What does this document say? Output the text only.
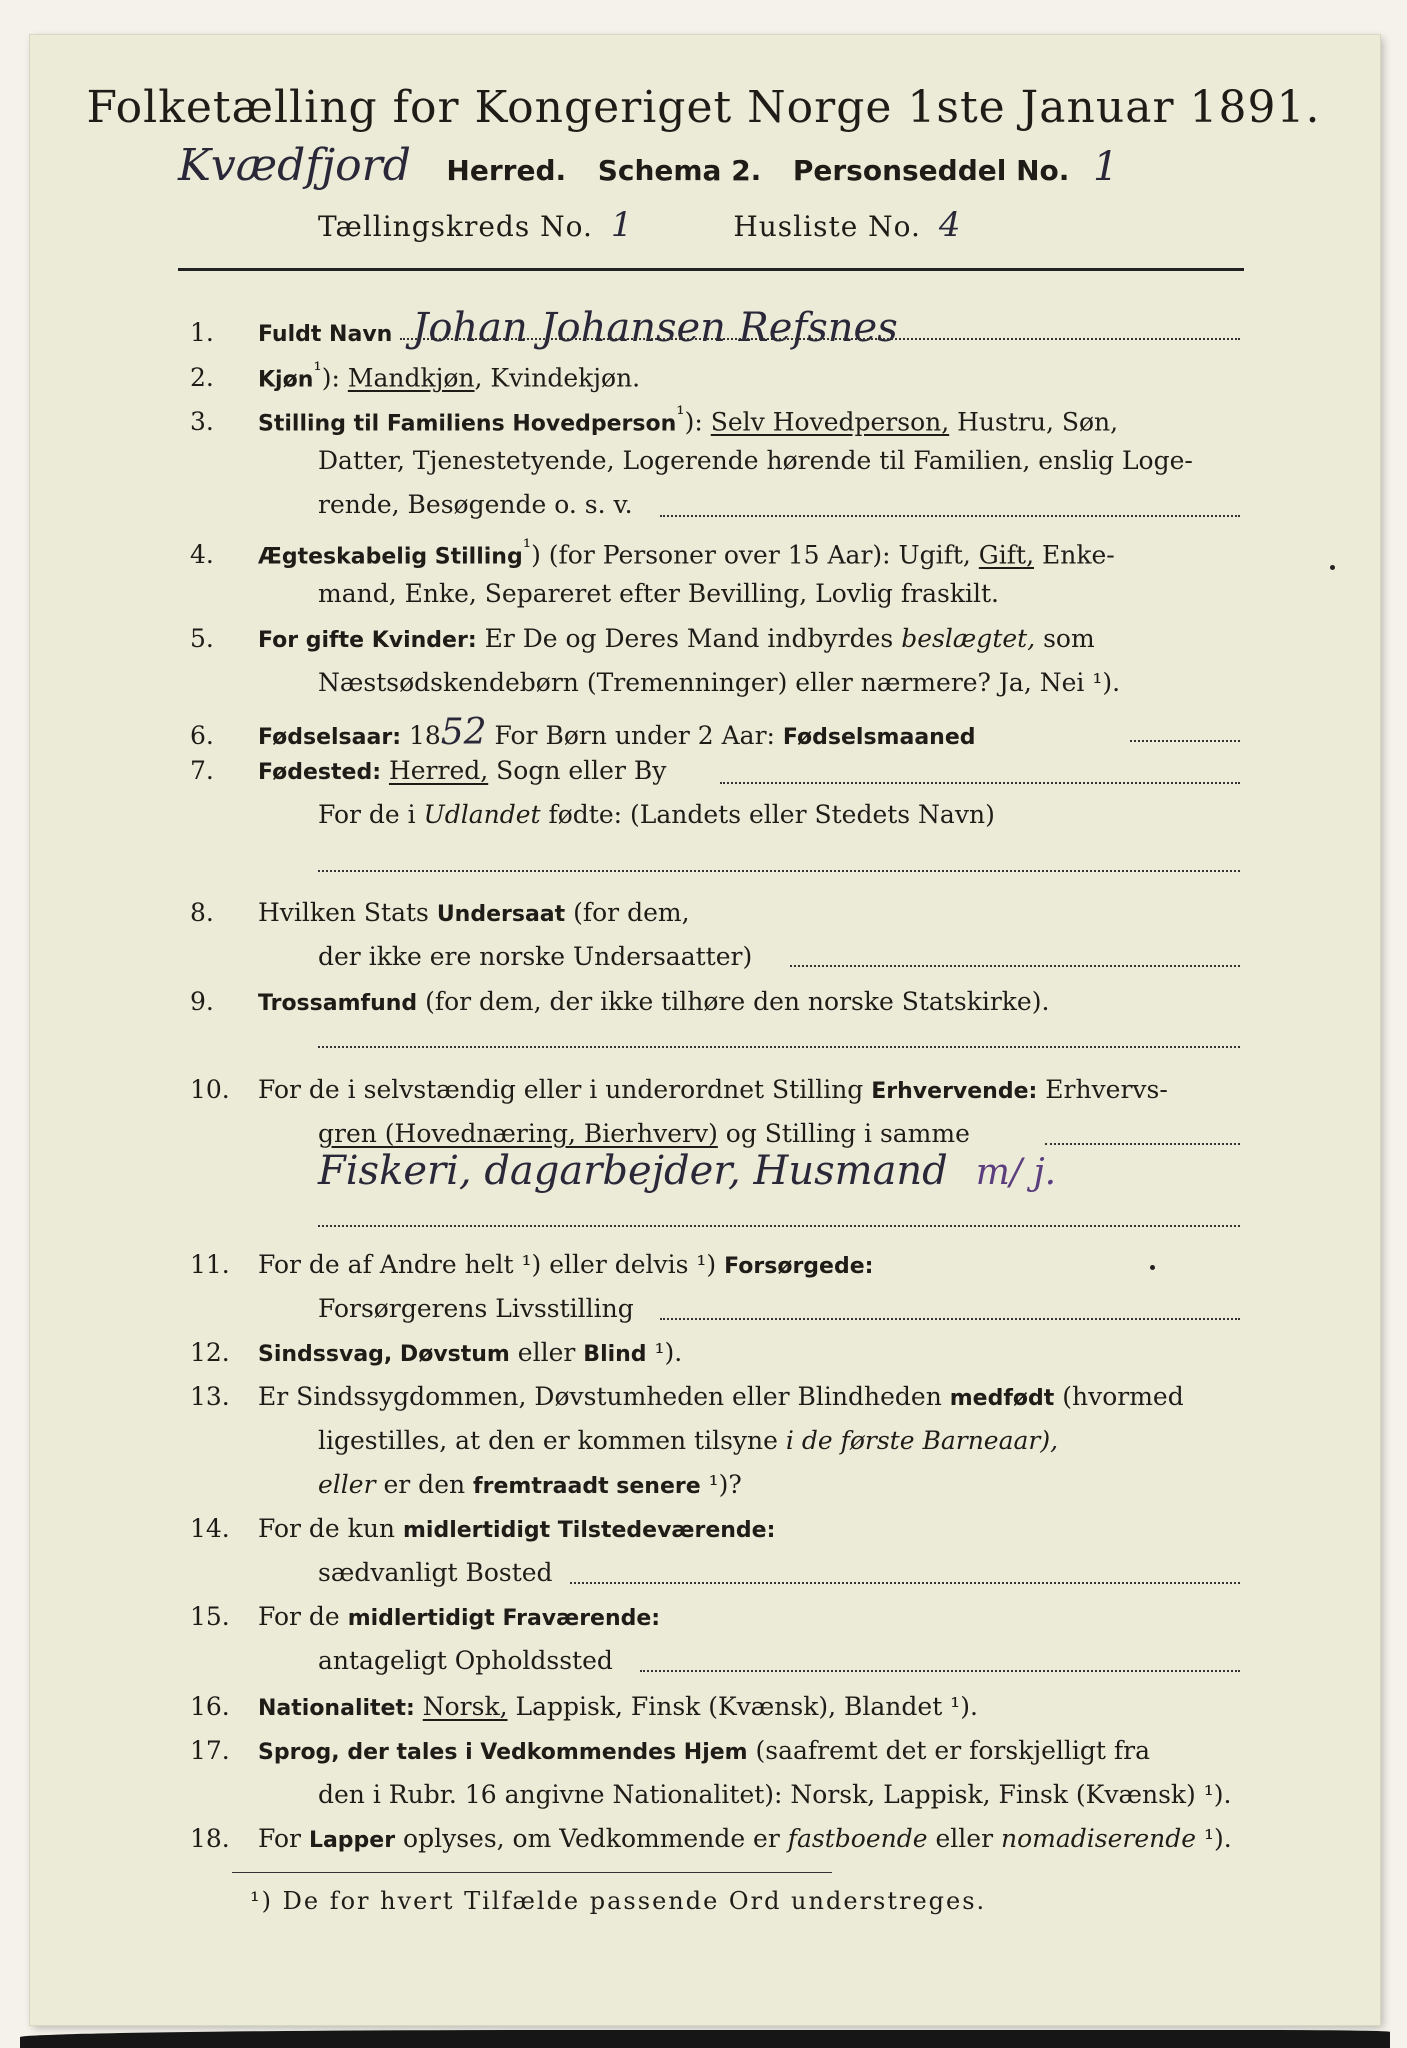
Folketælling for Kongeriget Norge 1ste Januar 1891.
Kvædfjord Herred. Schema 2. Personseddel No. 1
Tællingskreds No. 1	Husliste No. 4
1. Fuldt Navn Johan Johansen Refsnes
2. Kjøn$^{^1}$): Mandkjøn, Kvindekjøn.
3. Stilling til Familiens Hovedperson$^{^1}$): Selv Hovedperson, Hustru, Søn,
Datter, Tjenestetyende, Logerende hørende til Familien, enslig Loge-
rende, Besøgende o. s. v.
4. Ægteskabelig Stilling$^{^1}$) (for Personer over 15 Aar): Ugift, Gift, Enke-
mand, Enke, Separeret efter Bevilling, Lovlig fraskilt.
5. For gifte Kvinder: Er De og Deres Mand indbyrdes beslægtet, som
Næstsødskendebørn (Tremenninger) eller nærmere? Ja, Nei ¹).
6. Fødselsaar: 1852 For Børn under 2 Aar: Fødselsmaaned
7. Fødested: Herred, Sogn eller By
For de i Udlandet fødte: (Landets eller Stedets Navn)
8. Hvilken Stats Undersaat (for dem,
der ikke ere norske Undersaatter)
9. Trossamfund (for dem, der ikke tilhøre den norske Statskirke).
10. For de i selvstændig eller i underordnet Stilling Erhvervende: Erhvervs-
gren (Hovednæring, Bierhverv) og Stilling i samme
Fiskeri, dagarbejder, Husmand m/ j.
11. For de af Andre helt ¹) eller delvis ¹) Forsørgede:
Forsørgerens Livsstilling
12. Sindssvag, Døvstum eller Blind ¹).
13. Er Sindssygdommen, Døvstumheden eller Blindheden medfødt (hvormed
ligestilles, at den er kommen tilsyne i de første Barneaar),
eller er den fremtraadt senere ¹)?
14. For de kun midlertidigt Tilstedeværende:
sædvanligt Bosted
15. For de midlertidigt Fraværende:
antageligt Opholdssted
16. Nationalitet: Norsk, Lappisk, Finsk (Kvænsk), Blandet ¹).
17. Sprog, der tales i Vedkommendes Hjem (saafremt det er forskjelligt fra
den i Rubr. 16 angivne Nationalitet): Norsk, Lappisk, Finsk (Kvænsk) ¹).
18. For Lapper oplyses, om Vedkommende er fastboende eller nomadiserende ¹).
¹) De for hvert Tilfælde passende Ord understreges.
